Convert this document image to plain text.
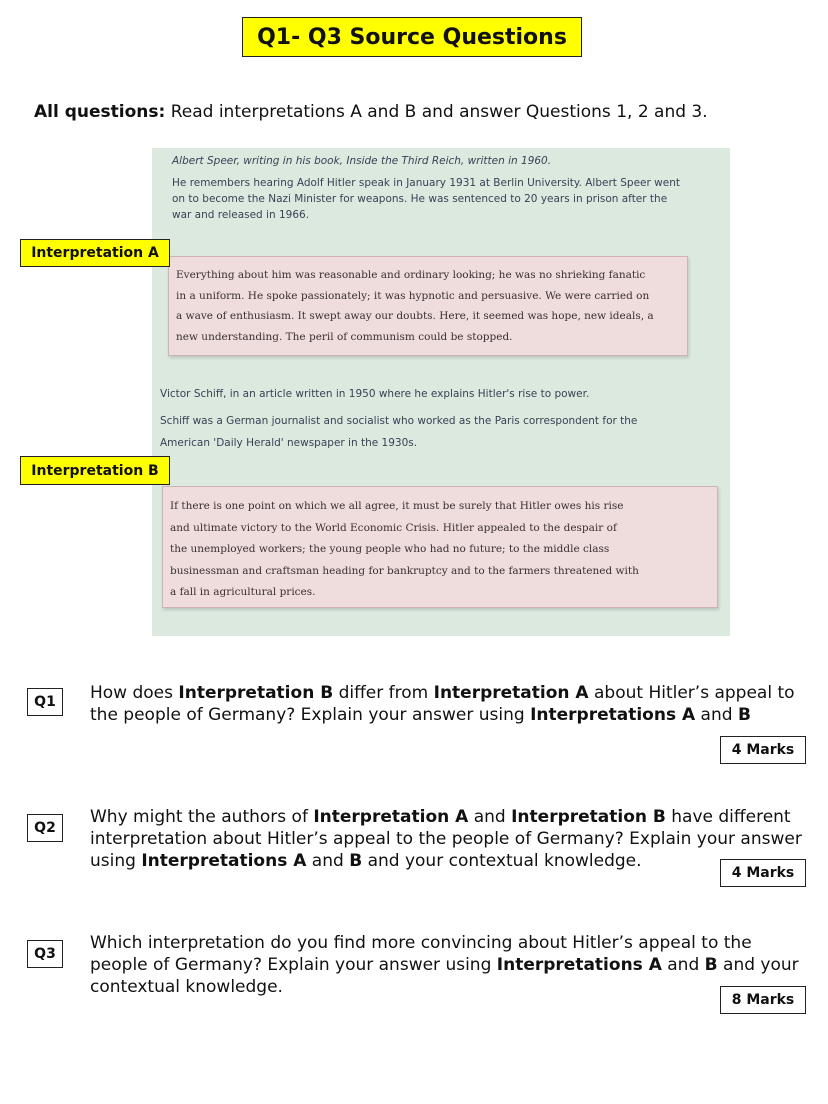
Q1- Q3 Source Questions
All questions: Read interpretations A and B and answer Questions 1, 2 and 3.
Albert Speer, writing in his book, Inside the Third Reich, written in 1960.
He remembers hearing Adolf Hitler speak in January 1931 at Berlin University. Albert Speer went
on to become the Nazi Minister for weapons. He was sentenced to 20 years in prison after the
war and released in 1966.
Everything about him was reasonable and ordinary looking; he was no shrieking fanatic
in a uniform. He spoke passionately; it was hypnotic and persuasive. We were carried on
a wave of enthusiasm. It swept away our doubts. Here, it seemed was hope, new ideals, a
new understanding. The peril of communism could be stopped.
Victor Schiff, in an article written in 1950 where he explains Hitler's rise to power.
Schiff was a German journalist and socialist who worked as the Paris correspondent for the
American 'Daily Herald' newspaper in the 1930s.
If there is one point on which we all agree, it must be surely that Hitler owes his rise
and ultimate victory to the World Economic Crisis. Hitler appealed to the despair of
the unemployed workers; the young people who had no future; to the middle class
businessman and craftsman heading for bankruptcy and to the farmers threatened with
a fall in agricultural prices.
Interpretation A
Interpretation B
Q1	How does Interpretation B differ from Interpretation A about Hitler’s appeal to
the people of Germany? Explain your answer using Interpretations A and B
4 Marks
Q2
Why might the authors of Interpretation A and Interpretation B have different
interpretation about Hitler’s appeal to the people of Germany? Explain your answer
using Interpretations A and B and your contextual knowledge.
4 Marks
Q3
Which interpretation do you find more convincing about Hitler’s appeal to the
people of Germany? Explain your answer using Interpretations A and B and your
contextual knowledge.
8 Marks
